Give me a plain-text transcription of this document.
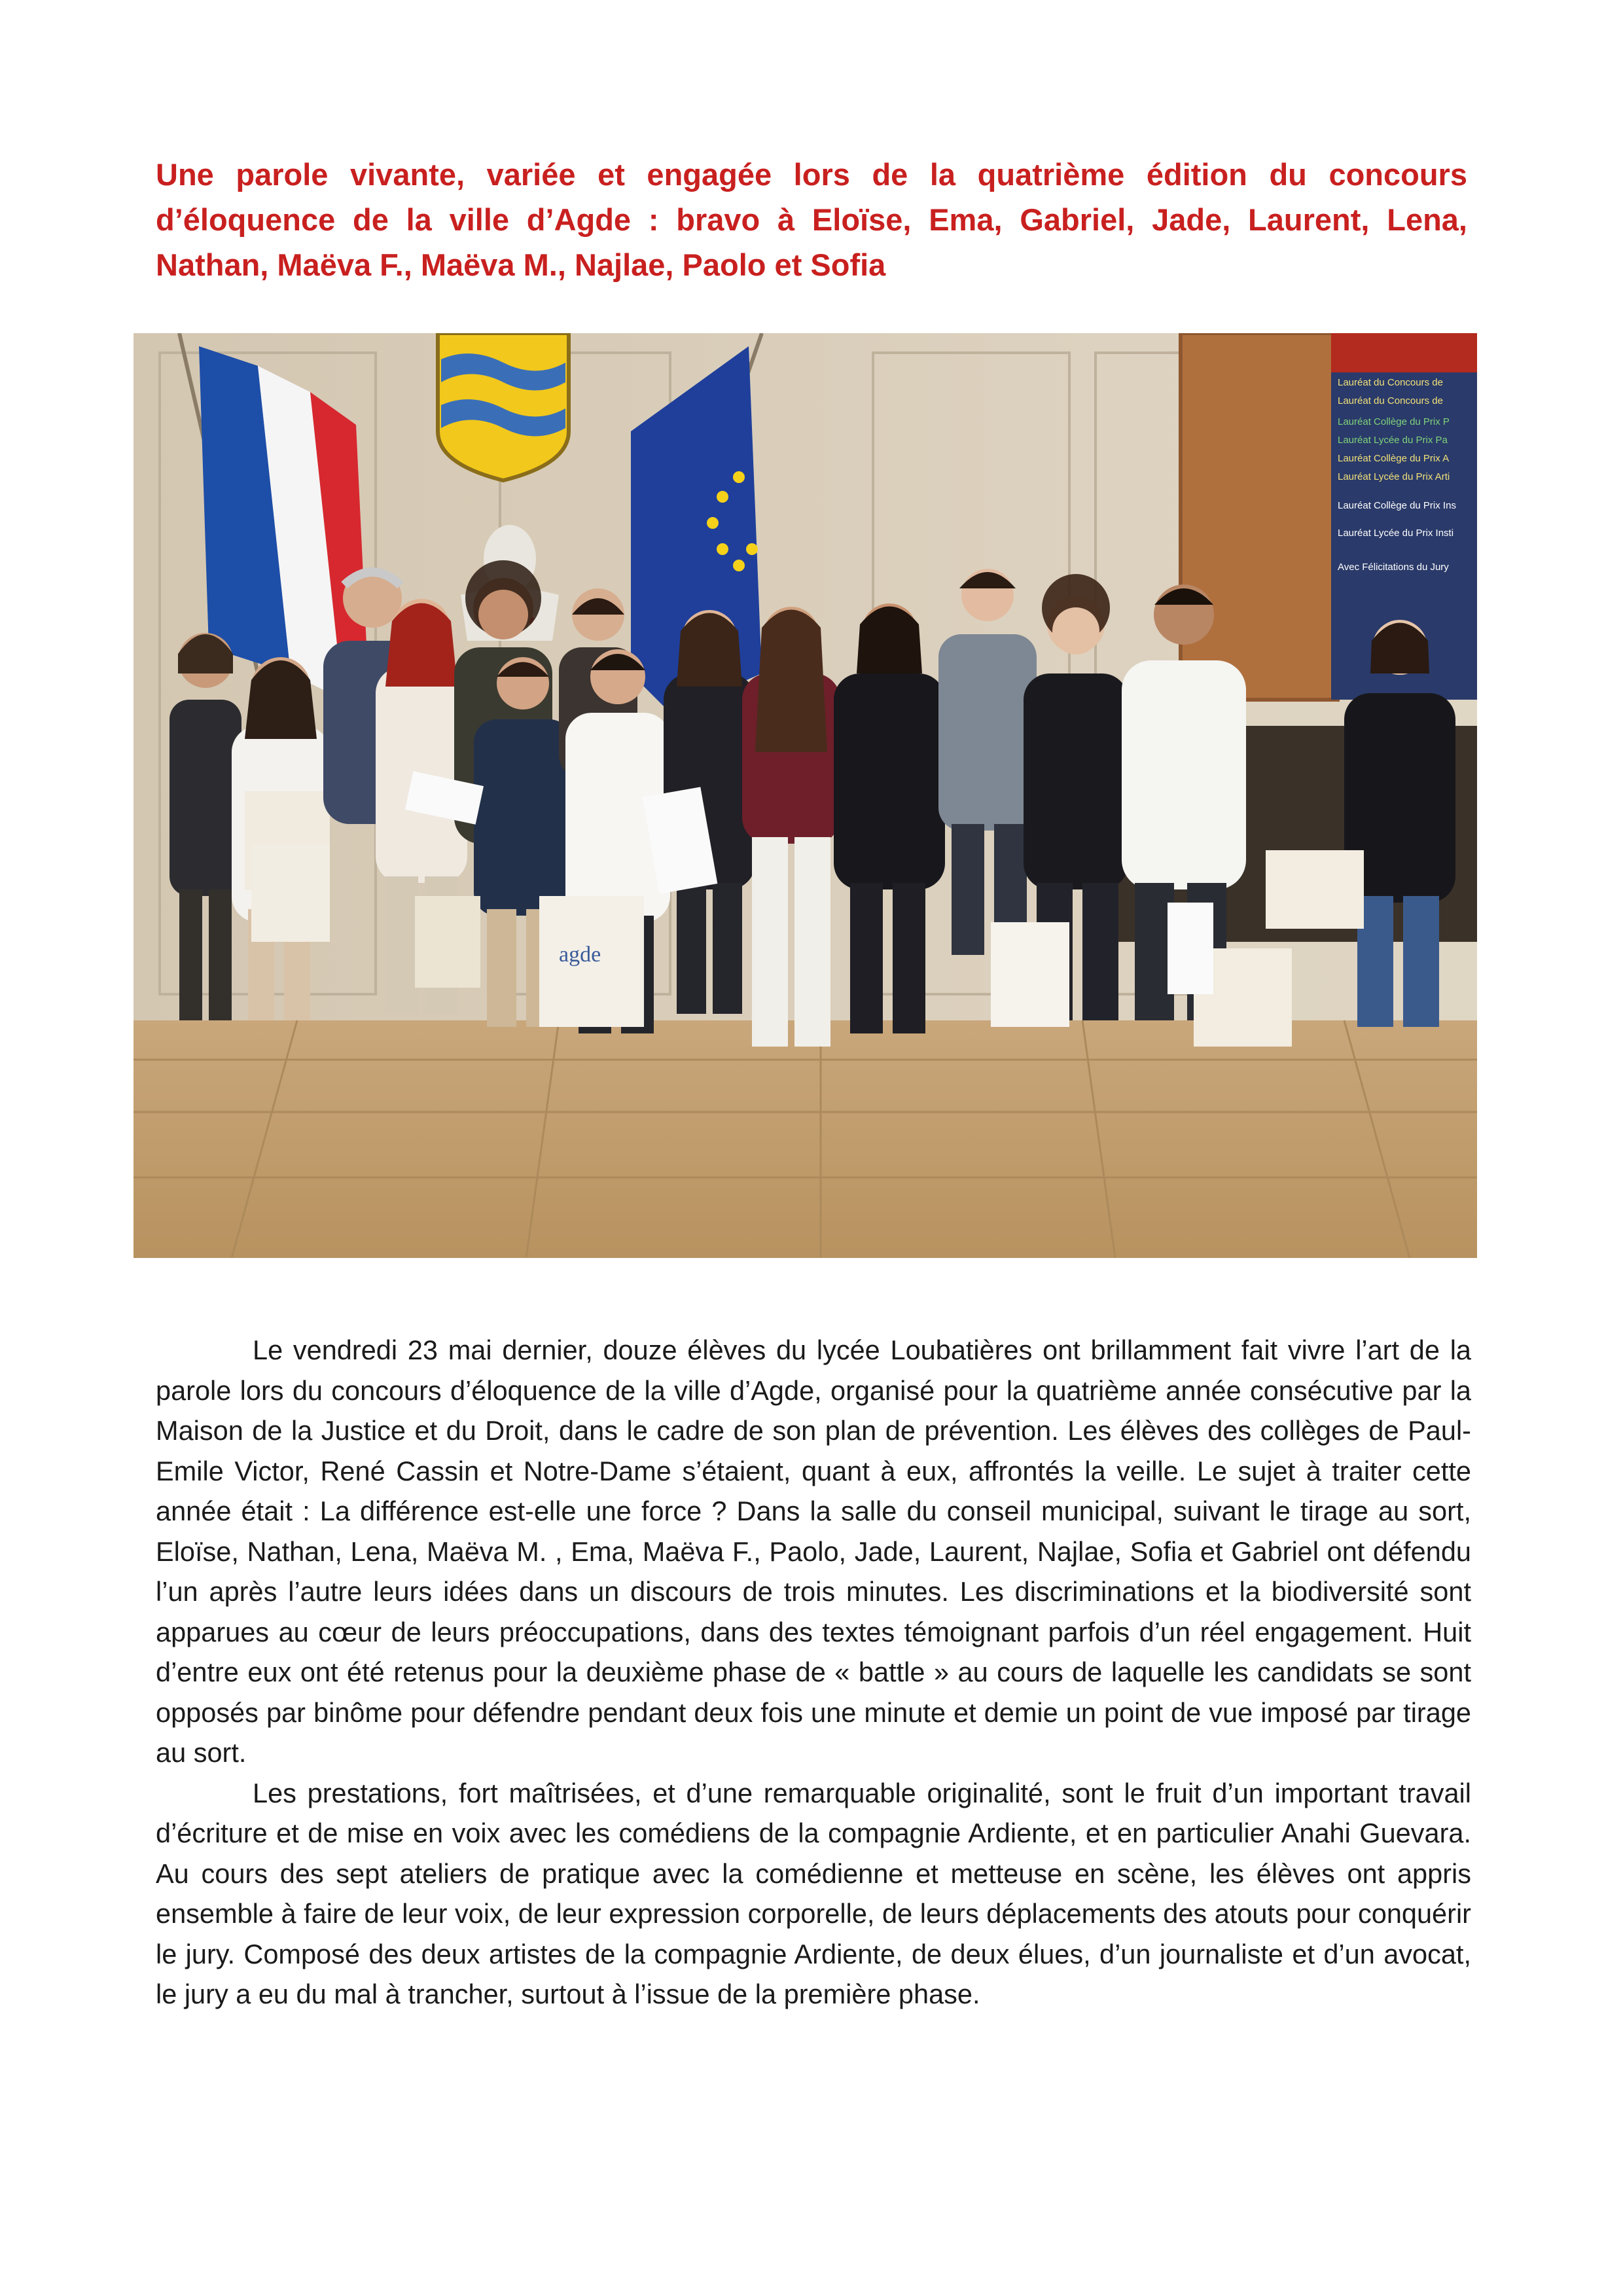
Une parole vivante, variée et engagée lors de la quatrième édition du concours d’éloquence de la ville d’Agde : bravo à Eloïse, Ema, Gabriel, Jade, Laurent, Lena, Nathan, Maëva F., Maëva M., Najlae, Paolo et Sofia
Lauréat du Concours de
Lauréat du Concours de
Lauréat Collège du Prix P
Lauréat Lycée du Prix Pa
Lauréat Collège du Prix A
Lauréat Lycée du Prix Arti
Lauréat Collège du Prix Ins
Lauréat Lycée du Prix Insti
Avec Félicitations du Jury
agde

Le vendredi 23 mai dernier, douze élèves du lycée Loubatières ont brillamment fait vivre l’art de la parole lors du concours d’éloquence de la ville d’Agde, organisé pour la quatrième année consécutive par la Maison de la Justice et du Droit, dans le cadre de son plan de prévention. Les élèves des collèges de Paul-Emile Victor, René Cassin et Notre-Dame s’étaient, quant à eux, affrontés la veille. Le sujet à traiter cette année était : La différence est-elle une force ? Dans la salle du conseil municipal, suivant le tirage au sort, Eloïse, Nathan, Lena, Maëva M. , Ema, Maëva F., Paolo, Jade, Laurent, Najlae, Sofia et Gabriel ont défendu l’un après l’autre leurs idées dans un discours de trois minutes. Les discriminations et la biodiversité sont apparues au cœur de leurs préoccupations, dans des textes témoignant parfois d’un réel engagement. Huit d’entre eux ont été retenus pour la deuxième phase de « battle » au cours de laquelle les candidats se sont opposés par binôme pour défendre pendant deux fois une minute et demie un point de vue imposé par tirage au sort.

Les prestations, fort maîtrisées, et d’une remarquable originalité, sont le fruit d’un important travail d’écriture et de mise en voix avec les comédiens de la compagnie Ardiente, et en particulier Anahi Guevara. Au cours des sept ateliers de pratique avec la comédienne et metteuse en scène, les élèves ont appris ensemble à faire de leur voix, de leur expression corporelle, de leurs déplacements des atouts pour conquérir le jury. Composé des deux artistes de la compagnie Ardiente, de deux élues, d’un journaliste et d’un avocat, le jury a eu du mal à trancher, surtout à l’issue de la première phase.
